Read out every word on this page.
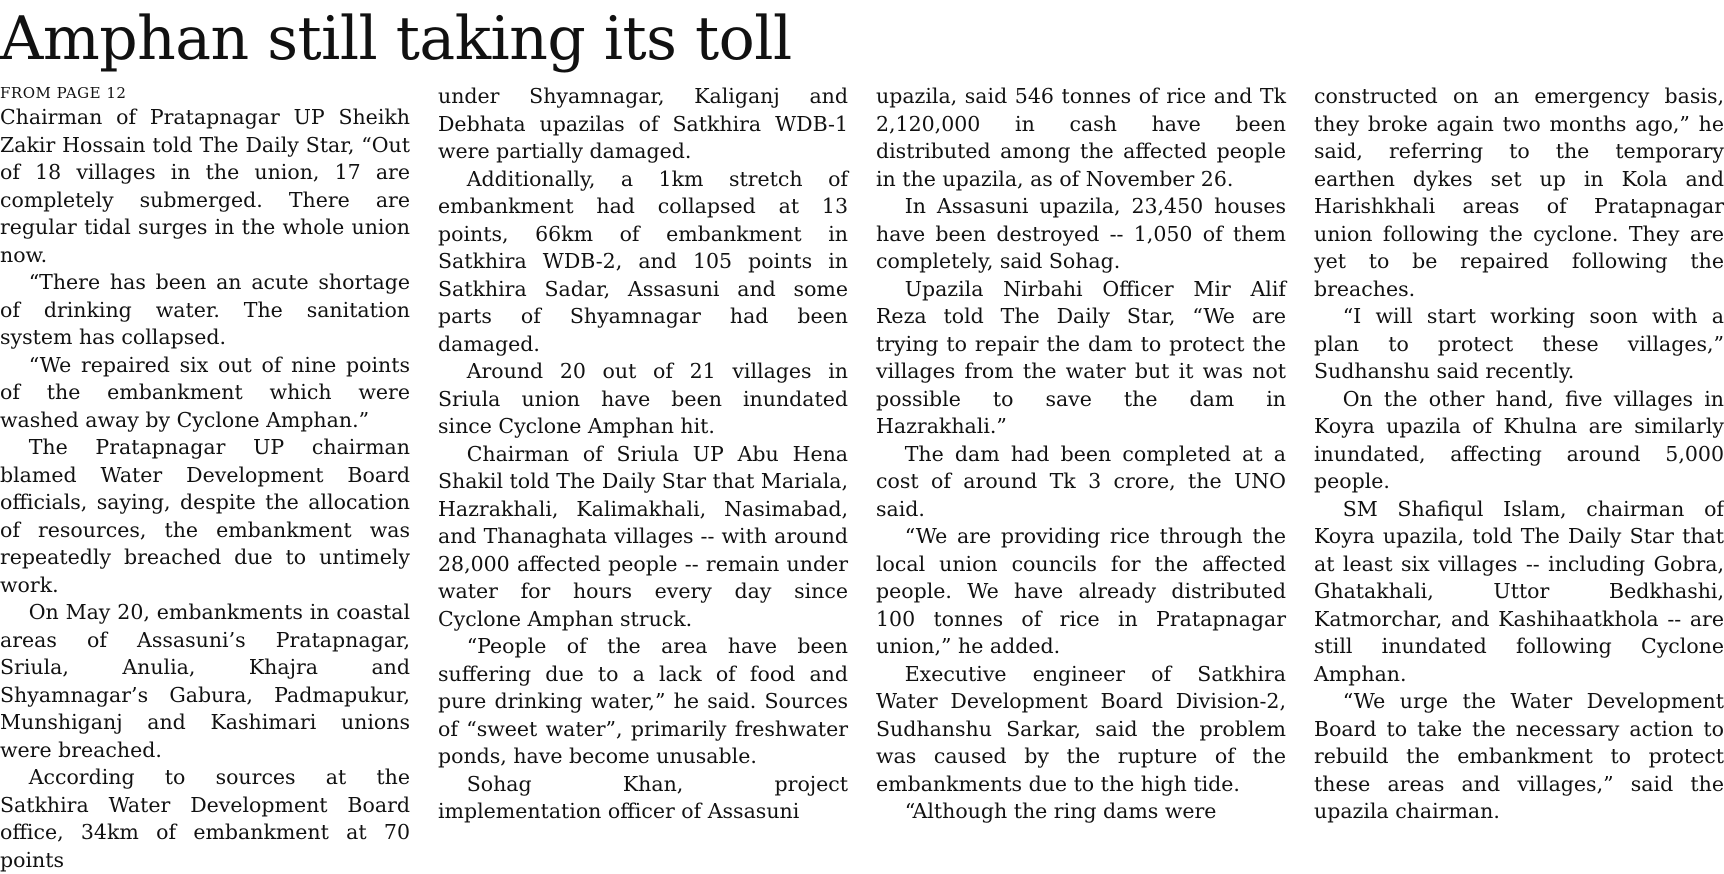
Amphan still taking its toll
FROM PAGE 12

Chairman of Pratapnagar UP Sheikh Zakir Hossain told The Daily Star, “Out of 18 villages in the union, 17 are completely submerged. There are regular tidal surges in the whole union now.

“There has been an acute shortage of drinking water. The sanitation system has collapsed.

“We repaired six out of nine points of the embankment which were washed away by Cyclone Amphan.”

The Pratapnagar UP chairman blamed Water Development Board officials, saying, despite the allocation of resources, the embankment was repeatedly breached due to untimely work.

On May 20, embankments in coastal areas of Assasuni’s Pratapnagar, Sriula, Anulia, Khajra and Shyamnagar’s Gabura, Padmapukur, Munshiganj and Kashimari unions were breached.

According to sources at the Satkhira Water Development Board office, 34km of embankment at 70 points

under Shyamnagar, Kaliganj and Debhata upazilas of Satkhira WDB-1 were partially damaged.

Additionally, a 1km stretch of embankment had collapsed at 13 points, 66km of embankment in Satkhira WDB-2, and 105 points in Satkhira Sadar, Assasuni and some parts of Shyamnagar had been damaged.

Around 20 out of 21 villages in Sriula union have been inundated since Cyclone Amphan hit.

Chairman of Sriula UP Abu Hena Shakil told The Daily Star that Mariala, Hazrakhali, Kalimakhali, Nasimabad, and Thanaghata villages -- with around 28,000 affected people -- remain under water for hours every day since Cyclone Amphan struck.

“People of the area have been suffering due to a lack of food and pure drinking water,” he said. Sources of “sweet water”, primarily freshwater ponds, have become unusable.

Sohag Khan, project implementation officer of Assasuni

upazila, said 546 tonnes of rice and Tk 2,120,000 in cash have been distributed among the affected people in the upazila, as of November 26.

In Assasuni upazila, 23,450 houses have been destroyed -- 1,050 of them completely, said Sohag.

Upazila Nirbahi Officer Mir Alif Reza told The Daily Star, “We are trying to repair the dam to protect the villages from the water but it was not possible to save the dam in Hazrakhali.”

The dam had been completed at a cost of around Tk 3 crore, the UNO said.

“We are providing rice through the local union councils for the affected people. We have already distributed 100 tonnes of rice in Pratapnagar union,” he added.

Executive engineer of Satkhira Water Development Board Division-2, Sudhanshu Sarkar, said the problem was caused by the rupture of the embankments due to the high tide.

“Although the ring dams were

constructed on an emergency basis, they broke again two months ago,” he said, referring to the temporary earthen dykes set up in Kola and Harishkhali areas of Pratapnagar union following the cyclone. They are yet to be repaired following the breaches.

“I will start working soon with a plan to protect these villages,” Sudhanshu said recently.

On the other hand, five villages in Koyra upazila of Khulna are similarly inundated, affecting around 5,000 people.

SM Shafiqul Islam, chairman of Koyra upazila, told The Daily Star that at least six villages -- including Gobra, Ghatakhali, Uttor Bedkhashi, Katmorchar, and Kashihaatkhola -- are still inundated following Cyclone Amphan.

“We urge the Water Development Board to take the necessary action to rebuild the embankment to protect these areas and villages,” said the upazila chairman.
